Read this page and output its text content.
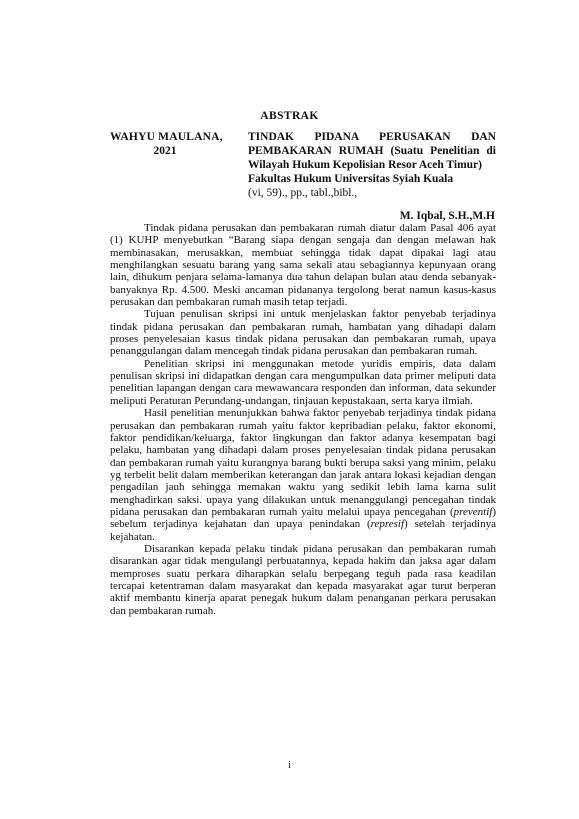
ABSTRAK
WAHYU MAULANA,
2021
TINDAK PIDANA PERUSAKAN DAN
PEMBAKARAN RUMAH (Suatu Penelitian di Wilayah Hukum Kepolisian Resor Aceh Timur)
Fakultas Hukum Universitas Syiah Kuala
(vi, 59)., pp., tabl.,bibl.,
M. Iqbal, S.H.,M.H

Tindak pidana perusakan dan pembakaran rumah diatur dalam Pasal 406 ayat (1) KUHP menyebutkan “Barang siapa dengan sengaja dan dengan melawan hak membinasakan, merusakkan, membuat sehingga tidak dapat dipakai lagi atau menghilangkan sesuatu barang yang sama sekali atau sebagiannya kepunyaan orang lain, dihukum penjara selama-lamanya dua tahun delapan bulan atau denda sebanyak-banyaknya Rp. 4.500. Meski ancaman pidananya tergolong berat namun kasus-kasus perusakan dan pembakaran rumah masih tetap terjadi.

Tujuan penulisan skripsi ini untuk menjelaskan faktor penyebab terjadinya tindak pidana perusakan dan pembakaran rumah, hambatan yang dihadapi dalam proses penyelesaian kasus tindak pidana perusakan dan pembakaran rumah, upaya penanggulangan dalam mencegah tindak pidana perusakan dan pembakaran rumah.

Penelitian skripsi ini menggunakan metode yuridis empiris, data dalam penulisan skripsi ini didapatkan dengan cara mengumpulkan data primer meliputi data penelitian lapangan dengan cara mewawancara responden dan informan, data sekunder meliputi Peraturan Perundang-undangan, tinjauan kepustakaan, serta karya ilmiah.

Hasil penelitian menunjukkan bahwa faktor penyebab terjadinya tindak pidana perusakan dan pembakaran rumah yaitu faktor kepribadian pelaku, faktor ekonomi, faktor pendidikan/keluarga, faktor lingkungan dan faktor adanya kesempatan bagi pelaku, hambatan yang dihadapi dalam proses penyelesaian tindak pidana perusakan dan pembakaran rumah yaitu kurangnya barang bukti berupa saksi yang minim, pelaku yg terbelit belit dalam memberikan keterangan dan jarak antara lokasi kejadian dengan pengadilan jauh sehingga memakan waktu yang sedikit lebih lama karna sulit menghadirkan saksi. upaya yang dilakukan untuk menanggulangi pencegahan tindak pidana perusakan dan pembakaran rumah yaitu melalui upaya pencegahan (preventif) sebelum terjadinya kejahatan dan upaya penindakan (represif) setelah terjadinya kejahatan.

Disarankan kepada pelaku tindak pidana perusakan dan pembakaran rumah disarankan agar tidak mengulangi perbuatannya, kepada hakim dan jaksa agar dalam memproses suatu perkara diharapkan selalu berpegang teguh pada rasa keadilan tercapai ketentraman dalam masyarakat dan kepada masyarakat agar turut berperan aktif membantu kinerja aparat penegak hukum dalam penanganan perkara perusakan dan pembakaran rumah.

i
